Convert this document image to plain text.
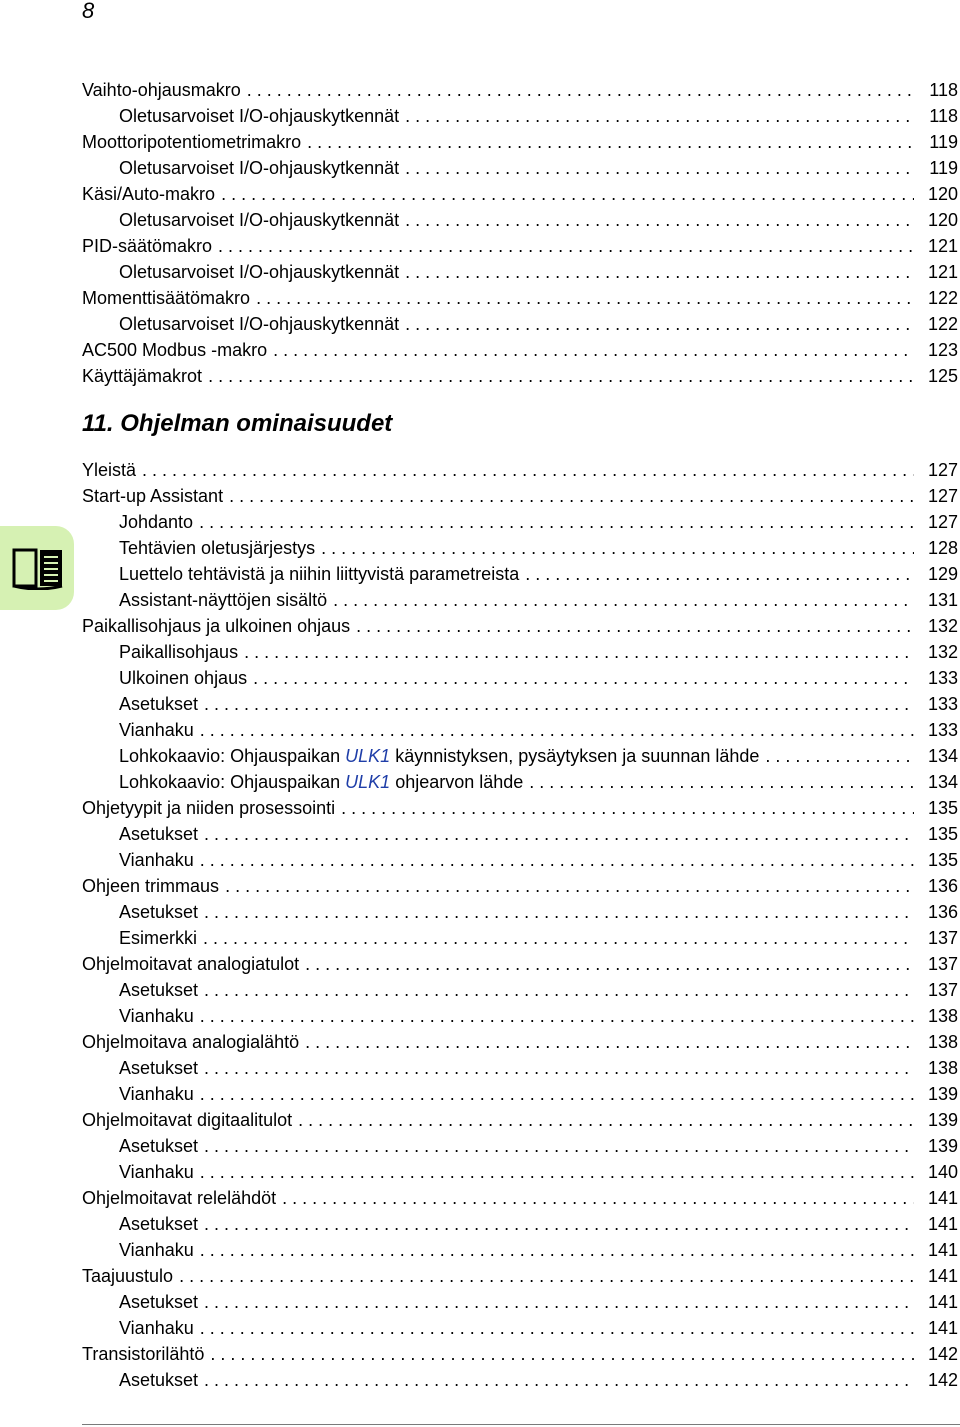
8
Vaihto-ohjausmakro . . .	118
Oletusarvoiset I/O-ohjauskytkennät . . .	118
Moottoripotentiometrimakro . . .	119
Oletusarvoiset I/O-ohjauskytkennät . . .	119
Käsi/Auto-makro . . .	120
Oletusarvoiset I/O-ohjauskytkennät . . .	120
PID-säätömakro . . .	121
Oletusarvoiset I/O-ohjauskytkennät . . .	121
Momenttisäätömakro . . .	122
Oletusarvoiset I/O-ohjauskytkennät . . .	122
AC500 Modbus -makro . . .	123
Käyttäjämakrot . . .	125
11. Ohjelman ominaisuudet
Yleistä . . .	127
Start-up Assistant . . .	127
Johdanto . . .	127
Tehtävien oletusjärjestys . . .	128
Luettelo tehtävistä ja niihin liittyvistä parametreista . . .	129
Assistant-näyttöjen sisältö . . .	131
Paikallisohjaus ja ulkoinen ohjaus . . .	132
Paikallisohjaus . . .	132
Ulkoinen ohjaus . . .	133
Asetukset . . .	133
Vianhaku . . .	133
Lohkokaavio: Ohjauspaikan ULK1 käynnistyksen, pysäytyksen ja suunnan lähde . . .	134
Lohkokaavio: Ohjauspaikan ULK1 ohjearvon lähde . . .	134
Ohjetyypit ja niiden prosessointi . . .	135
Asetukset . . .	135
Vianhaku . . .	135
Ohjeen trimmaus . . .	136
Asetukset . . .	136
Esimerkki . . .	137
Ohjelmoitavat analogiatulot . . .	137
Asetukset . . .	137
Vianhaku . . .	138
Ohjelmoitava analogialähtö . . .	138
Asetukset . . .	138
Vianhaku . . .	139
Ohjelmoitavat digitaalitulot . . .	139
Asetukset . . .	139
Vianhaku . . .	140
Ohjelmoitavat relelähdöt . . .	141
Asetukset . . .	141
Vianhaku . . .	141
Taajuustulo . . .	141
Asetukset . . .	141
Vianhaku . . .	141
Transistorilähtö . . .	142
Asetukset . . .	142
